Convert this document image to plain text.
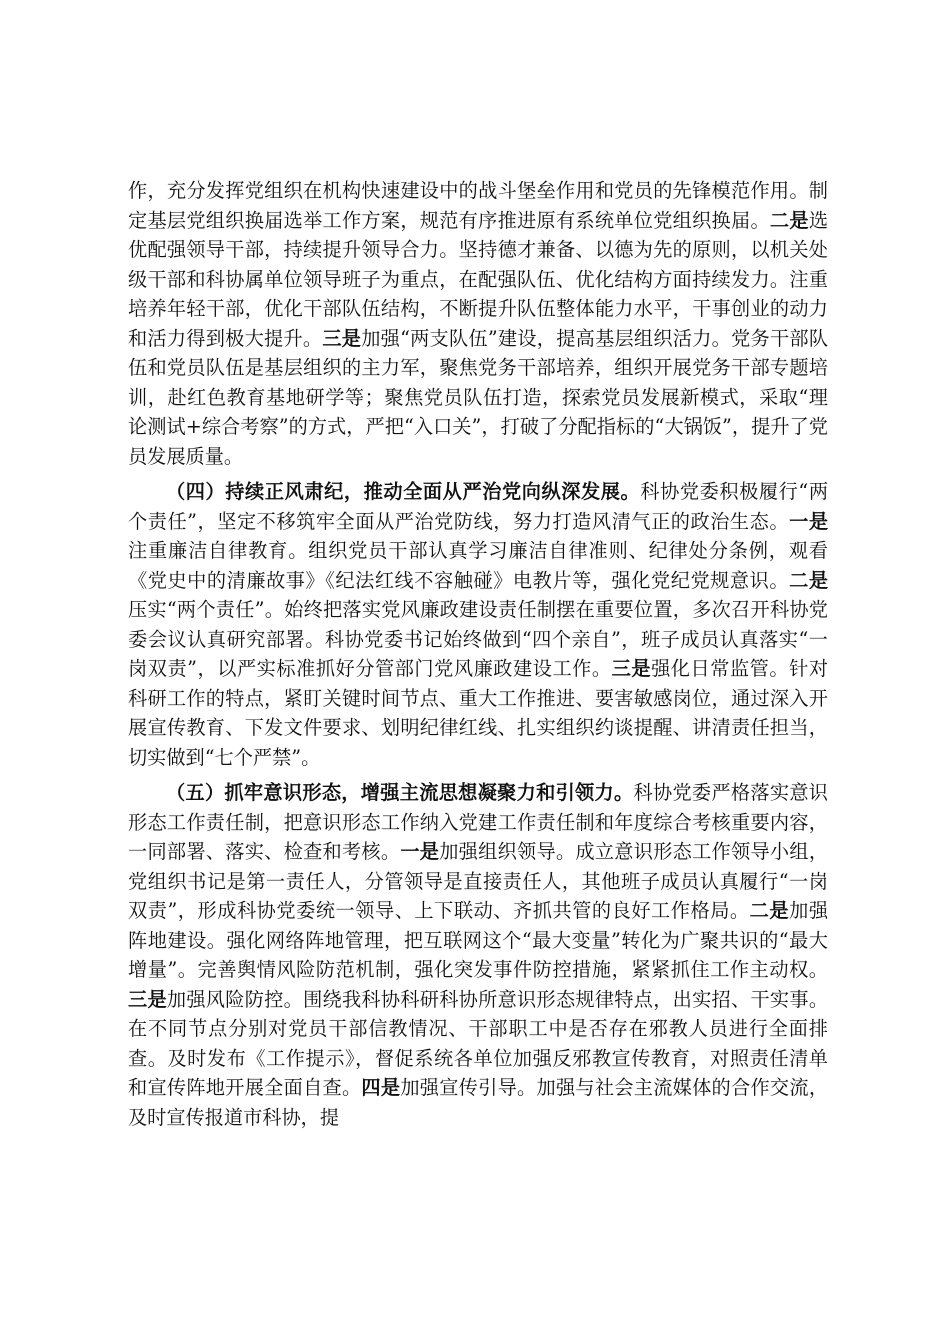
作，充分发挥党组织在机构快速建设中的战斗堡垒作用和党员的先锋模范作用。制定基层党组织换届选举工作方案，规范有序推进原有系统单位党组织换届。二是选优配强领导干部，持续提升领导合力。坚持德才兼备、以德为先的原则，以机关处级干部和科协属单位领导班子为重点，在配强队伍、优化结构方面持续发力。注重培养年轻干部，优化干部队伍结构，不断提升队伍整体能力水平，干事创业的动力和活力得到极大提升。三是加强“两支队伍”建设，提高基层组织活力。党务干部队伍和党员队伍是基层组织的主力军，聚焦党务干部培养，组织开展党务干部专题培训，赴红色教育基地研学等；聚焦党员队伍打造，探索党员发展新模式，采取“理论测试+综合考察”的方式，严把“入口关”，打破了分配指标的“大锅饭”，提升了党员发展质量。

（四）持续正风肃纪，推动全面从严治党向纵深发展。科协党委积极履行“两个责任”，坚定不移筑牢全面从严治党防线，努力打造风清气正的政治生态。一是注重廉洁自律教育。组织党员干部认真学习廉洁自律准则、纪律处分条例，观看《党史中的清廉故事》《纪法红线不容触碰》电教片等，强化党纪党规意识。二是压实“两个责任”。始终把落实党风廉政建设责任制摆在重要位置，多次召开科协党委会议认真研究部署。科协党委书记始终做到“四个亲自”，班子成员认真落实“一岗双责”，以严实标准抓好分管部门党风廉政建设工作。三是强化日常监管。针对科研工作的特点，紧盯关键时间节点、重大工作推进、要害敏感岗位，通过深入开展宣传教育、下发文件要求、划明纪律红线、扎实组织约谈提醒、讲清责任担当，切实做到“七个严禁”。

（五）抓牢意识形态，增强主流思想凝聚力和引领力。科协党委严格落实意识形态工作责任制，把意识形态工作纳入党建工作责任制和年度综合考核重要内容，一同部署、落实、检查和考核。一是加强组织领导。成立意识形态工作领导小组，党组织书记是第一责任人，分管领导是直接责任人，其他班子成员认真履行“一岗双责”，形成科协党委统一领导、上下联动、齐抓共管的良好工作格局。二是加强阵地建设。强化网络阵地管理，把互联网这个“最大变量”转化为广聚共识的“最大增量”。完善舆情风险防范机制，强化突发事件防控措施，紧紧抓住工作主动权。三是加强风险防控。围绕我科协科研科协所意识形态规律特点，出实招、干实事。在不同节点分别对党员干部信教情况、干部职工中是否存在邪教人员进行全面排查。及时发布《工作提示》，督促系统各单位加强反邪教宣传教育，对照责任清单和宣传阵地开展全面自查。四是加强宣传引导。加强与社会主流媒体的合作交流，及时宣传报道市科协，提
